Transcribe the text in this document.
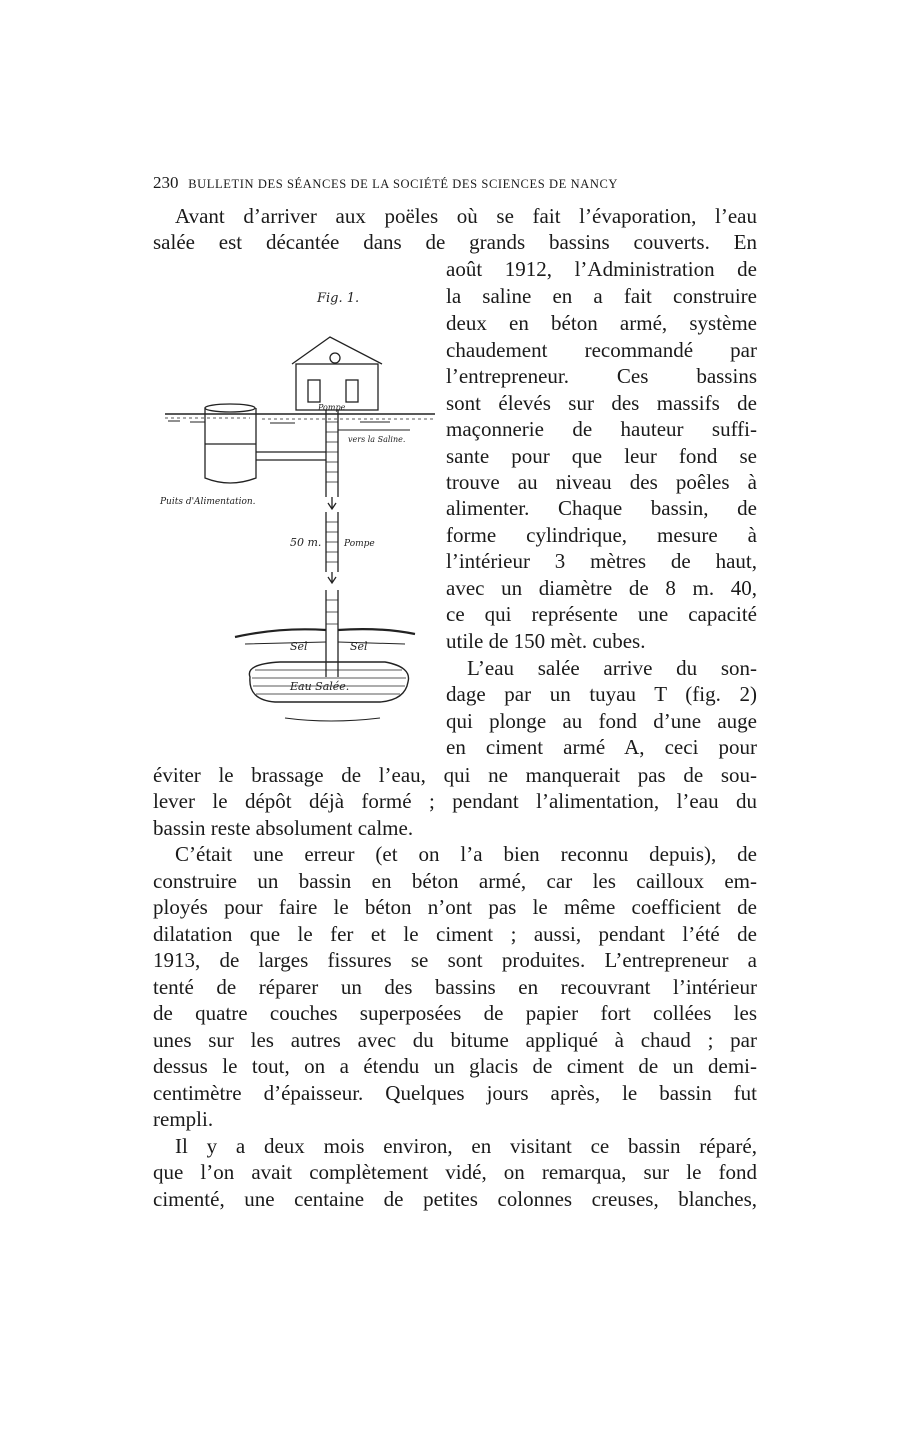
230 BULLETIN DES SÉANCES DE LA SOCIÉTÉ DES SCIENCES DE NANCY
Avant d’arriver aux poëles où se fait l’évaporation, l’eau
salée est décantée dans de grands bassins couverts. En
août 1912, l’Administration de
la saline en a fait construire
deux en béton armé, système
chaudement recommandé par
l’entrepreneur. Ces bassins
sont élevés sur des massifs de
maçonnerie de hauteur suffi-
sante pour que leur fond se
trouve au niveau des poêles à
alimenter. Chaque bassin, de
forme cylindrique, mesure à
l’intérieur 3 mètres de haut,
avec un diamètre de 8 m. 40,
ce qui représente une capacité
utile de 150 mèt. cubes.
L’eau salée arrive du son-
dage par un tuyau T (fig. 2)
qui plonge au fond d’une auge
en ciment armé A, ceci pour
éviter le brassage de l’eau, qui ne manquerait pas de sou-
lever le dépôt déjà formé ; pendant l’alimentation, l’eau du
bassin reste absolument calme.
C’était une erreur (et on l’a bien reconnu depuis), de
construire un bassin en béton armé, car les cailloux em-
ployés pour faire le béton n’ont pas le même coefficient de
dilatation que le fer et le ciment ; aussi, pendant l’été de
1913, de larges fissures se sont produites. L’entrepreneur a
tenté de réparer un des bassins en recouvrant l’intérieur
de quatre couches superposées de papier fort collées les
unes sur les autres avec du bitume appliqué à chaud ; par
dessus le tout, on a étendu un glacis de ciment de un demi-
centimètre d’épaisseur. Quelques jours après, le bassin fut
rempli.
Il y a deux mois environ, en visitant ce bassin réparé,
que l’on avait complètement vidé, on remarqua, sur le fond
cimenté, une centaine de petites colonnes creuses, blanches,
Fig. 1.
Pompe
vers la Saline.
Puits d'Alimentation.
50 m.	Pompe
Sel	Sel
Eau Salée.
